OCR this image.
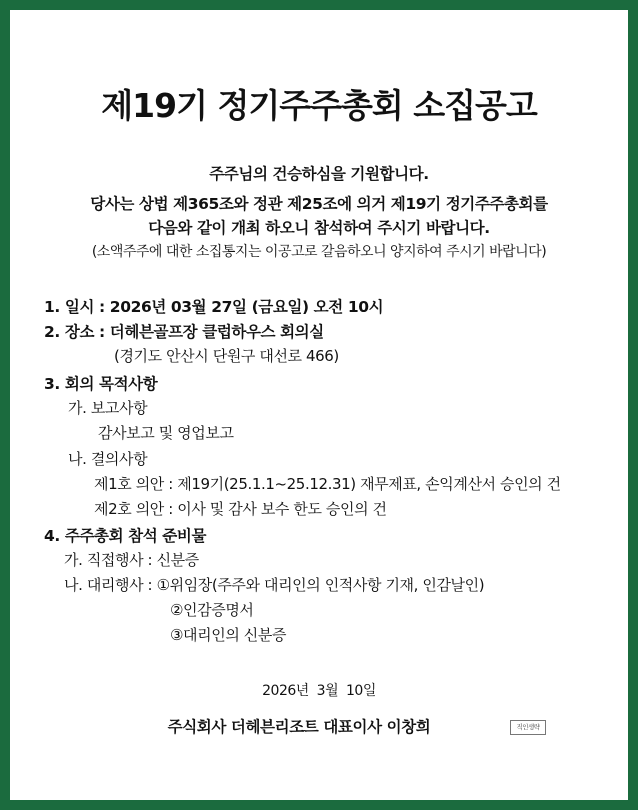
제19기 정기주주총회 소집공고
주주님의 건승하심을 기원합니다.
당사는 상법 제365조와 정관 제25조에 의거 제19기 정기주주총회를
다음와 같이 개최 하오니 참석하여 주시기 바랍니다.
(소액주주에 대한 소집통지는 이공고로 갈음하오니 양지하여 주시기 바랍니다)
1. 일시 : 2026년 03월 27일 (금요일) 오전 10시
2. 장소 : 더헤븐골프장 클럽하우스 회의실
(경기도 안산시 단원구 대선로 466)
3. 회의 목적사항
가. 보고사항
감사보고 및 영업보고
나. 결의사항
제1호 의안 : 제19기(25.1.1~25.12.31) 재무제표, 손익계산서 승인의 건
제2호 의안 : 이사 및 감사 보수 한도 승인의 건
4. 주주총회 참석 준비물
가. 직접행사 : 신분증
나. 대리행사 : ①위임장(주주와 대리인의 인적사항 기재, 인감날인)
②인감증명서
③대리인의 신분증
2026년  3월  10일
주식회사 더헤븐리조트 대표이사 이창희	직인생략
